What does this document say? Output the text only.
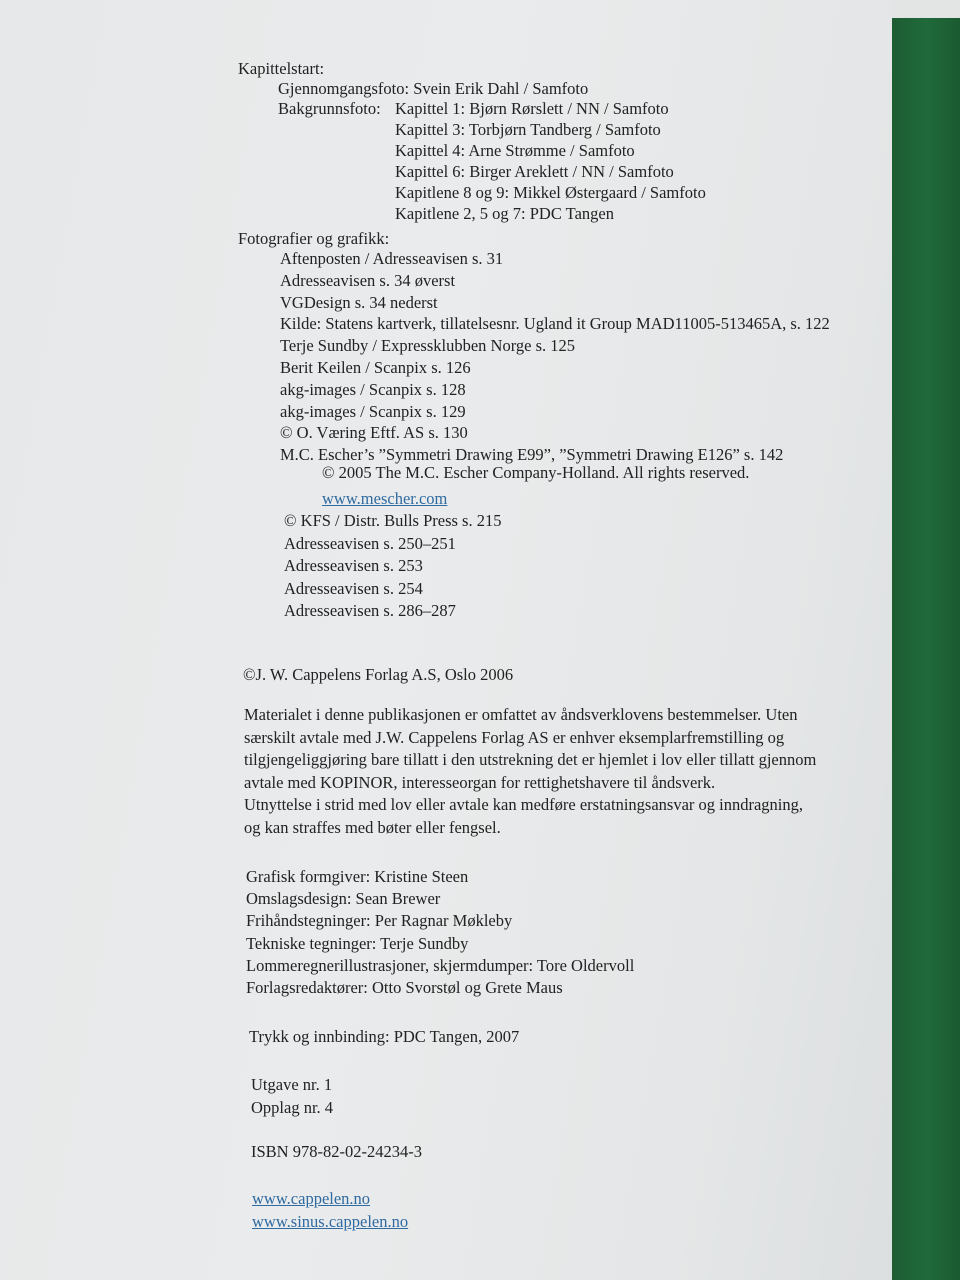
Kapittelstart:
Gjennomgangsfoto: Svein Erik Dahl / Samfoto
Bakgrunnsfoto: Kapittel 1: Bjørn Rørslett / NN / Samfoto
Kapittel 3: Torbjørn Tandberg / Samfoto
Kapittel 4: Arne Strømme / Samfoto
Kapittel 6: Birger Areklett / NN / Samfoto
Kapitlene 8 og 9: Mikkel Østergaard / Samfoto
Kapitlene 2, 5 og 7: PDC Tangen
Fotografier og grafikk:
Aftenposten / Adresseavisen s. 31
Adresseavisen s. 34 øverst
VGDesign s. 34 nederst
Kilde: Statens kartverk, tillatelsesnr. Ugland it Group MAD11005-513465A, s. 122
Terje Sundby / Expressklubben Norge s. 125
Berit Keilen / Scanpix s. 126
akg-images / Scanpix s. 128
akg-images / Scanpix s. 129
© O. Væring Eftf. AS s. 130
M.C. Escher’s ”Symmetri Drawing E99”, ”Symmetri Drawing E126” s. 142
© 2005 The M.C. Escher Company-Holland. All rights reserved.
www.mescher.com
© KFS / Distr. Bulls Press s. 215
Adresseavisen s. 250–251
Adresseavisen s. 253
Adresseavisen s. 254
Adresseavisen s. 286–287
©J. W. Cappelens Forlag A.S, Oslo 2006
Materialet i denne publikasjonen er omfattet av åndsverklovens bestemmelser. Uten
særskilt avtale med J.W. Cappelens Forlag AS er enhver eksemplarfremstilling og
tilgjengeliggjøring bare tillatt i den utstrekning det er hjemlet i lov eller tillatt gjennom
avtale med KOPINOR, interesseorgan for rettighetshavere til åndsverk.
Utnyttelse i strid med lov eller avtale kan medføre erstatningsansvar og inndragning,
og kan straffes med bøter eller fengsel.
Grafisk formgiver: Kristine Steen
Omslagsdesign: Sean Brewer
Frihåndstegninger: Per Ragnar Møkleby
Tekniske tegninger: Terje Sundby
Lommeregnerillustrasjoner, skjermdumper: Tore Oldervoll
Forlagsredaktører: Otto Svorstøl og Grete Maus
Trykk og innbinding: PDC Tangen, 2007
Utgave nr. 1
Opplag nr. 4
ISBN 978-82-02-24234-3
www.cappelen.no
www.sinus.cappelen.no
